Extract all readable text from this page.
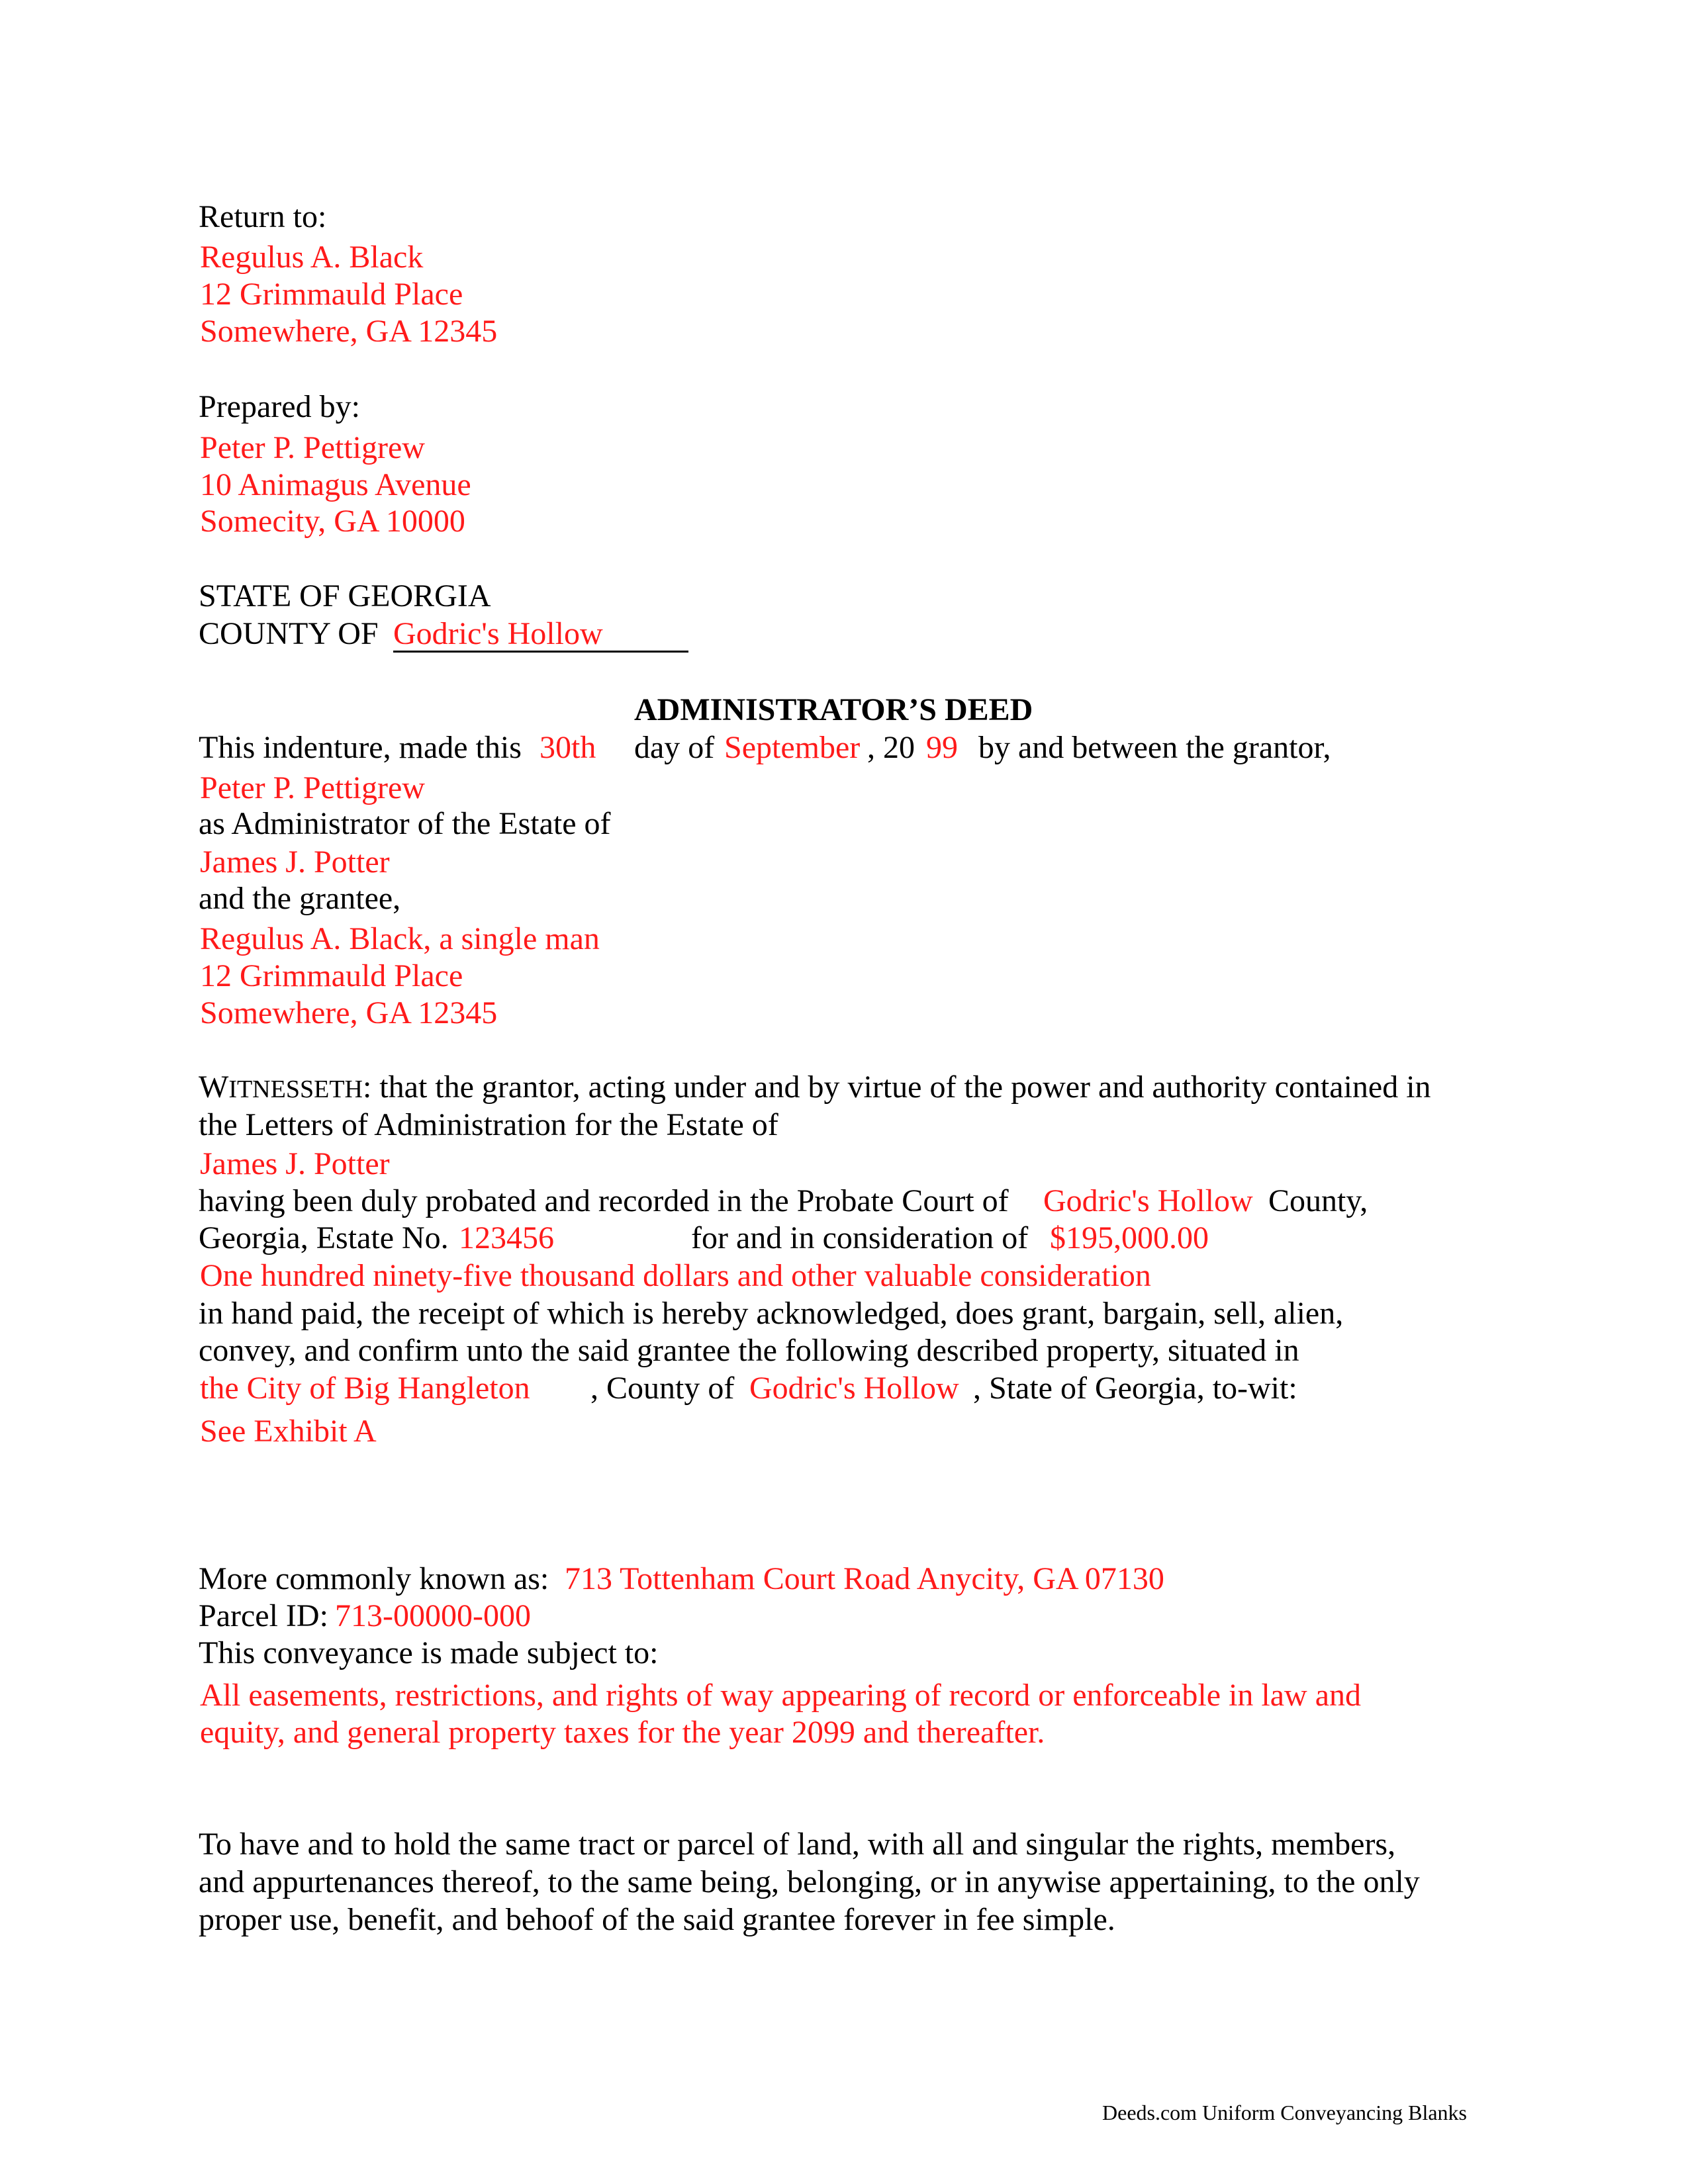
Return to:
Regulus A. Black
12 Grimmauld Place
Somewhere, GA 12345
Prepared by:
Peter P. Pettigrew
10 Animagus Avenue
Somecity, GA 10000
STATE OF GEORGIA
COUNTY OF Godric's Hollow
ADMINISTRATOR’S DEED
This indenture, made this 30th day of September , 20 99 by and between the grantor,
Peter P. Pettigrew
as Administrator of the Estate of
James J. Potter
and the grantee,
Regulus A. Black, a single man
12 Grimmauld Place
Somewhere, GA 12345
WITNESSETH: that the grantor, acting under and by virtue of the power and authority contained in
the Letters of Administration for the Estate of
James J. Potter
having been duly probated and recorded in the Probate Court of Godric's Hollow County,
Georgia, Estate No. 123456	for and in consideration of $195,000.00
One hundred ninety-five thousand dollars and other valuable consideration
in hand paid, the receipt of which is hereby acknowledged, does grant, bargain, sell, alien,
convey, and confirm unto the said grantee the following described property, situated in
the City of Big Hangleton , County of Godric's Hollow , State of Georgia, to-wit:
See Exhibit A
More commonly known as: 713 Tottenham Court Road Anycity, GA 07130
Parcel ID: 713-00000-000
This conveyance is made subject to:
All easements, restrictions, and rights of way appearing of record or enforceable in law and
equity, and general property taxes for the year 2099 and thereafter.
To have and to hold the same tract or parcel of land, with all and singular the rights, members,
and appurtenances thereof, to the same being, belonging, or in anywise appertaining, to the only
proper use, benefit, and behoof of the said grantee forever in fee simple.
Deeds.com Uniform Conveyancing Blanks
